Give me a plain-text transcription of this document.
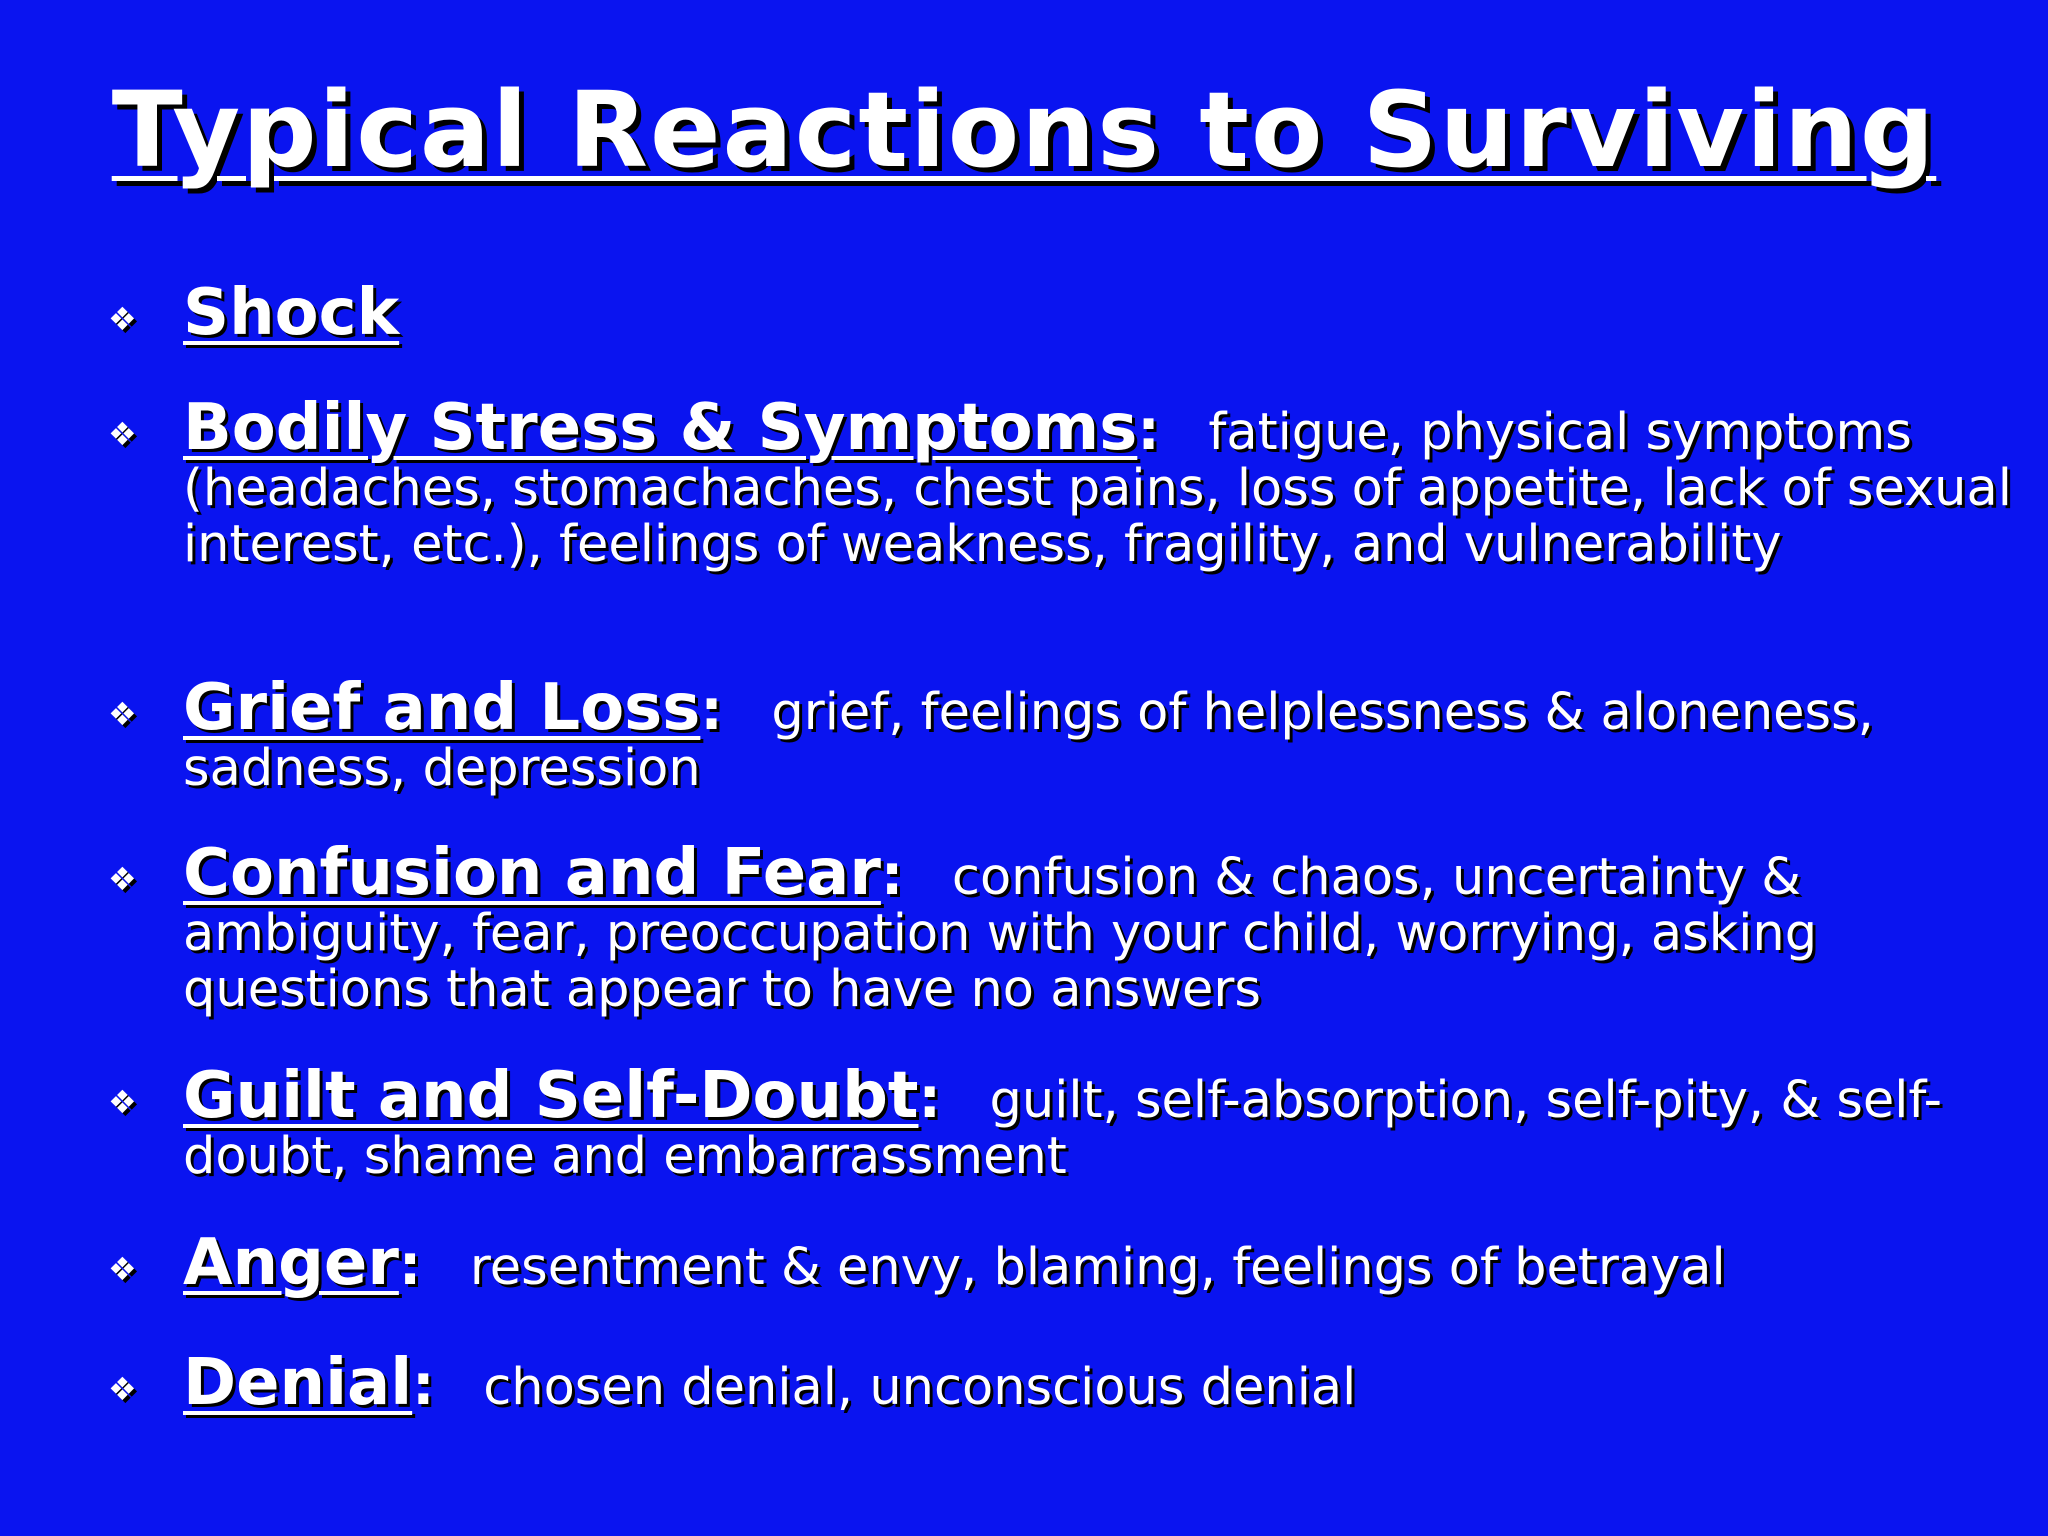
Typical Reactions to Surviving
❖ Shock
❖ Bodily Stress & Symptoms: fatigue, physical symptoms (headaches, stomachaches, chest pains, loss of appetite, lack of sexual interest, etc.), feelings of weakness, fragility, and vulnerability
❖ Grief and Loss: grief, feelings of helplessness & aloneness, sadness, depression
❖ Confusion and Fear: confusion & chaos, uncertainty & ambiguity, fear, preoccupation with your child, worrying, asking questions that appear to have no answers
❖ Guilt and Self-Doubt: guilt, self-absorption, self-pity, & self-doubt, shame and embarrassment
❖ Anger: resentment & envy, blaming, feelings of betrayal
❖ Denial: chosen denial, unconscious denial
